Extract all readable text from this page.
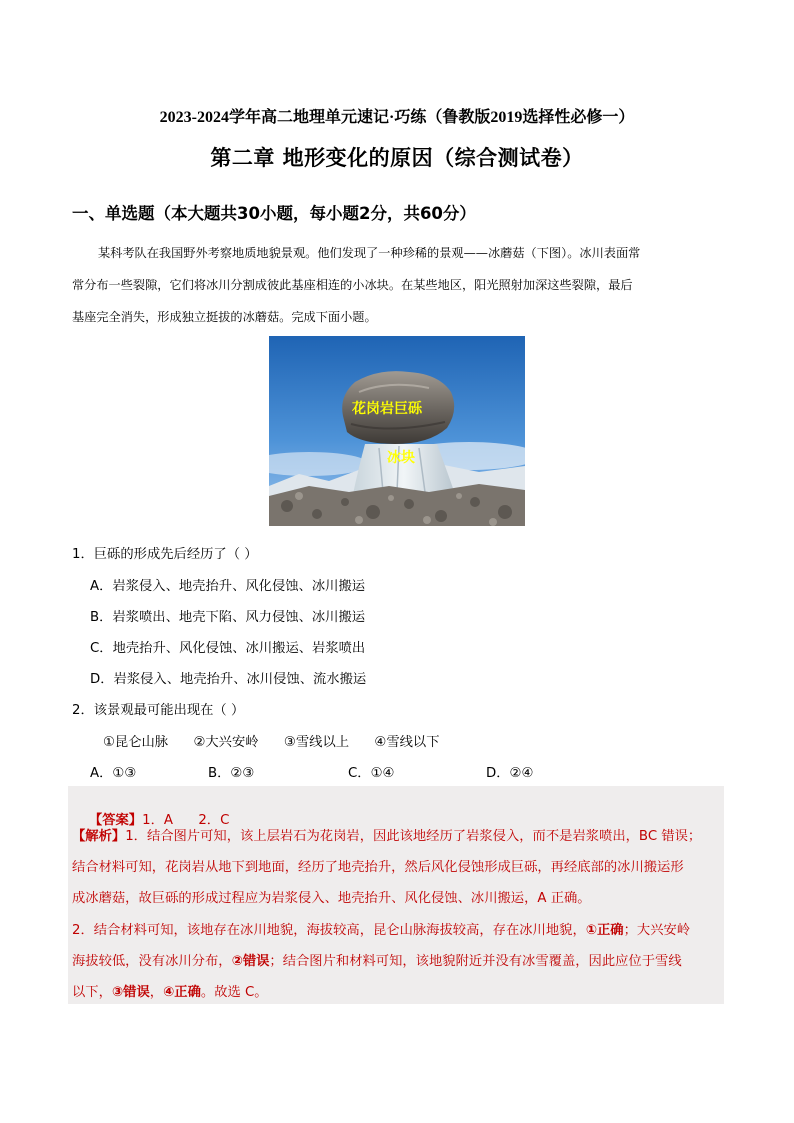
2023-2024学年高二地理单元速记·巧练（鲁教版2019选择性必修一）
第二章 地形变化的原因（综合测试卷）
一、单选题（本大题共30小题，每小题2分，共60分）
某科考队在我国野外考察地质地貌景观。他们发现了一种珍稀的景观——冰蘑菇（下图）。冰川表面常
常分布一些裂隙，它们将冰川分割成彼此基座相连的小冰块。在某些地区，阳光照射加深这些裂隙，最后
基座完全消失，形成独立挺拔的冰蘑菇。完成下面小题。
花岗岩巨砾
冰块
1．巨砾的形成先后经历了（ ）
A．岩浆侵入、地壳抬升、风化侵蚀、冰川搬运
B．岩浆喷出、地壳下陷、风力侵蚀、冰川搬运
C．地壳抬升、风化侵蚀、冰川搬运、岩浆喷出
D．岩浆侵入、地壳抬升、冰川侵蚀、流水搬运
2．该景观最可能出现在（ ）
①昆仑山脉      ②大兴安岭      ③雪线以上      ④雪线以下
A．①③	B．②③	C．①④	D．②④

【答案】1．A      2．C

【解析】1．结合图片可知，该上层岩石为花岗岩，因此该地经历了岩浆侵入，而不是岩浆喷出，BC 错误；
结合材料可知，花岗岩从地下到地面，经历了地壳抬升，然后风化侵蚀形成巨砾，再经底部的冰川搬运形
成冰蘑菇，故巨砾的形成过程应为岩浆侵入、地壳抬升、风化侵蚀、冰川搬运，A 正确。
2．结合材料可知，该地存在冰川地貌，海拔较高，昆仑山脉海拔较高，存在冰川地貌，①正确；大兴安岭
海拔较低，没有冰川分布，②错误；结合图片和材料可知，该地貌附近并没有冰雪覆盖，因此应位于雪线
以下，③错误，④正确。故选 C。
